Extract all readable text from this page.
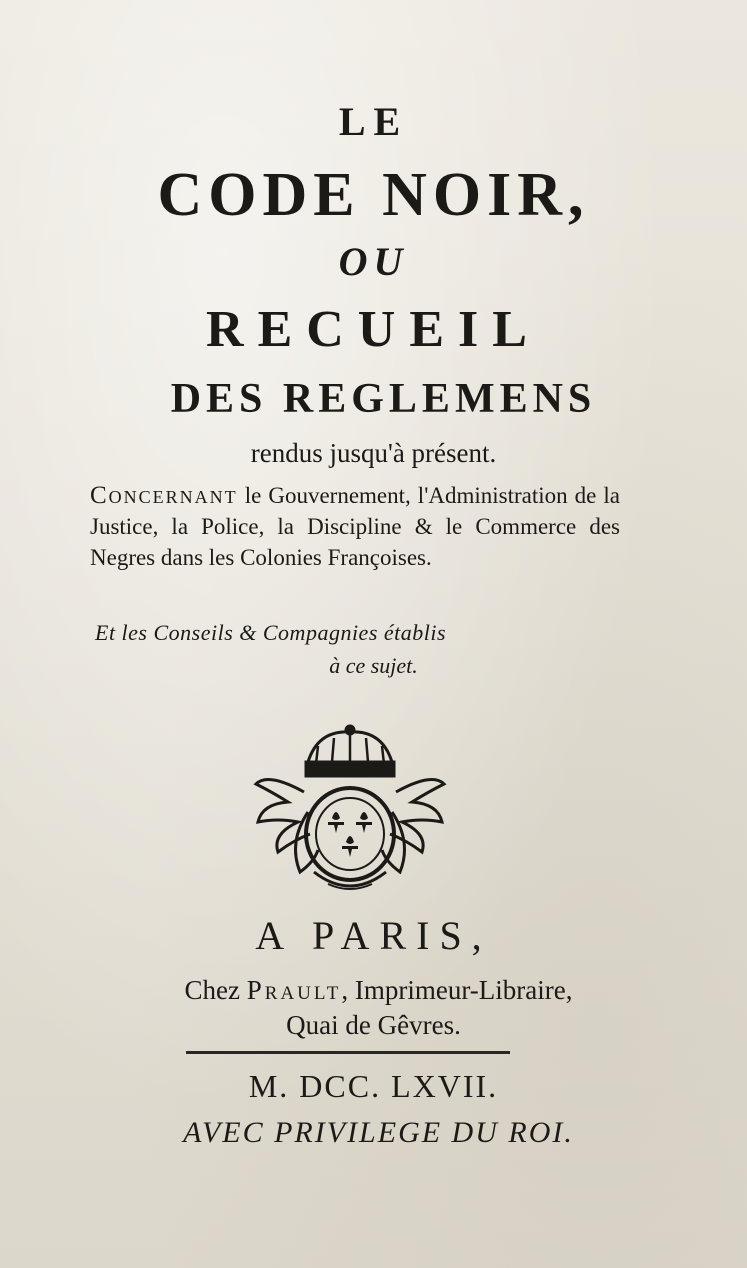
LE
CODE NOIR,
OU
RECUEIL
DES REGLEMENS
rendus jusqu'à présent.
Concernant le Gouvernement, l'Administration de la Justice, la Police, la Discipline & le Commerce des Negres dans les Colonies Françoises.
Et les Conseils & Compagnies établis
à ce sujet.
A PARIS,
Chez Prault, Imprimeur-Libraire,
Quai de Gêvres.
M. DCC. LXVII.
AVEC PRIVILEGE DU ROI.
